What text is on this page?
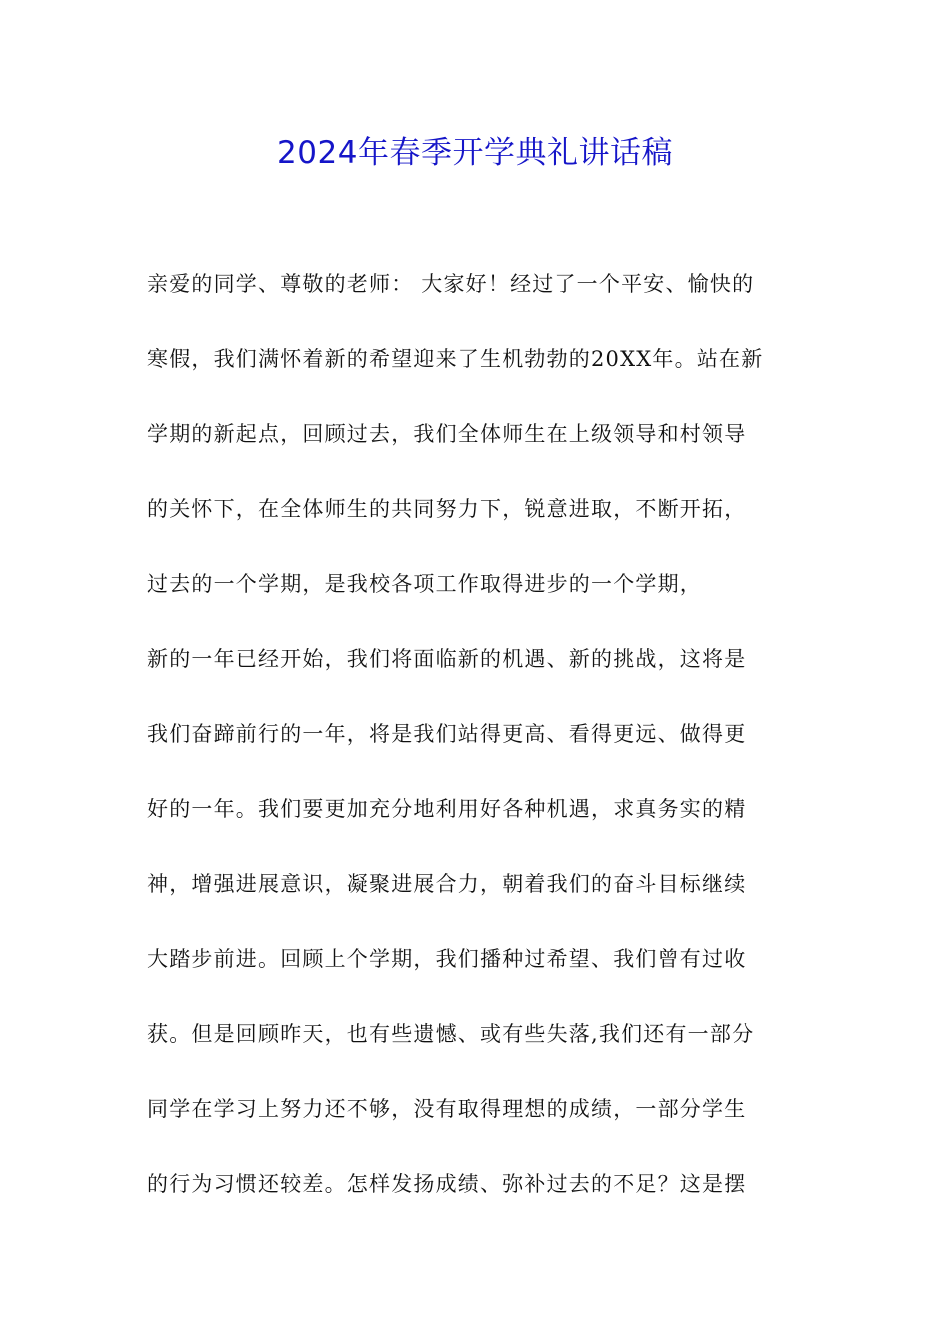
2024年春季开学典礼讲话稿
亲爱的同学、尊敬的老师： 大家好！经过了一个平安、愉快的
寒假，我们满怀着新的希望迎来了生机勃勃的20XX年。站在新
学期的新起点，回顾过去，我们全体师生在上级领导和村领导
的关怀下，在全体师生的共同努力下，锐意进取，不断开拓，
过去的一个学期，是我校各项工作取得进步的一个学期，
新的一年已经开始，我们将面临新的机遇、新的挑战，这将是
我们奋蹄前行的一年，将是我们站得更高、看得更远、做得更
好的一年。我们要更加充分地利用好各种机遇，求真务实的精
神，增强进展意识，凝聚进展合力，朝着我们的奋斗目标继续
大踏步前进。回顾上个学期，我们播种过希望、我们曾有过收
获。但是回顾昨天，也有些遗憾、或有些失落,我们还有一部分
同学在学习上努力还不够，没有取得理想的成绩，一部分学生
的行为习惯还较差。怎样发扬成绩、弥补过去的不足？这是摆
